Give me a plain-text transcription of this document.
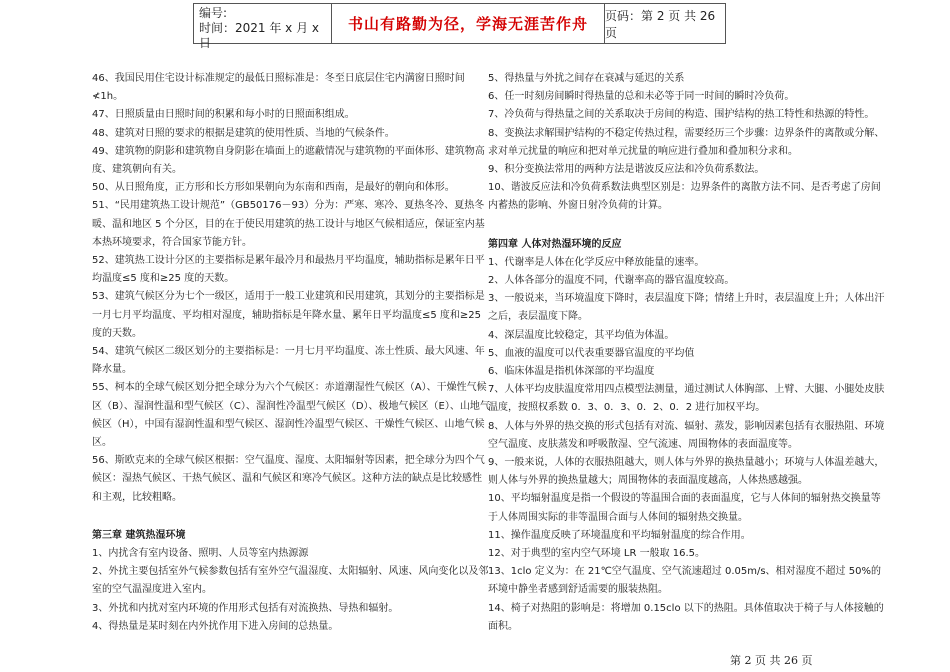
编号:
时间：2021 年 x 月 x 日
书山有路勤为径，学海无涯苦作舟	页码：第 2 页 共 26 页

46、我国民用住宅设计标准规定的最低日照标准是：冬至日底层住宅内满窗日照时间≮1h。

47、日照质量由日照时间的积累和每小时的日照面积组成。

48、建筑对日照的要求的根据是建筑的使用性质、当地的气候条件。

49、建筑物的阴影和建筑物自身阴影在墙面上的遮蔽情况与建筑物的平面体形、建筑物高度、建筑朝向有关。

50、从日照角度，正方形和长方形如果朝向为东南和西南，是最好的朝向和体形。

51、“民用建筑热工设计规范”（GB50176－93）分为：严寒、寒冷、夏热冬冷、夏热冬暖、温和地区 5 个分区，目的在于使民用建筑的热工设计与地区气候相适应，保证室内基本热环境要求，符合国家节能方针。

52、建筑热工设计分区的主要指标是累年最冷月和最热月平均温度，辅助指标是累年日平均温度≤5 度和≥25 度的天数。

53、建筑气候区分为七个一级区，适用于一般工业建筑和民用建筑，其划分的主要指标是一月七月平均温度、平均相对湿度，辅助指标是年降水量、累年日平均温度≤5 度和≥25 度的天数。

54、建筑气候区二级区划分的主要指标是：一月七月平均温度、冻土性质、最大风速、年降水量。

55、柯本的全球气候区划分把全球分为六个气候区：赤道潮湿性气候区（A）、干燥性气候区（B）、湿润性温和型气候区（C）、湿润性冷温型气候区（D）、极地气候区（E）、山地气候区（H），中国有湿润性温和型气候区、湿润性冷温型气候区、干燥性气候区、山地气候区。

56、斯欧克来的全球气候区根据：空气温度、湿度、太阳辐射等因素，把全球分为四个气候区：湿热气候区、干热气候区、温和气候区和寒冷气候区。这种方法的缺点是比较感性和主观，比较粗略。

第三章 建筑热湿环境

1、内扰含有室内设备、照明、人员等室内热源源

2、外扰主要包括室外气候参数包括有室外空气温湿度、太阳辐射、风速、风向变化以及邻室的空气温湿度进入室内。

3、外扰和内扰对室内环境的作用形式包括有对流换热、导热和辐射。

4、得热量是某时刻在内外扰作用下进入房间的总热量。

5、得热量与外扰之间存在衰减与延迟的关系

6、任一时刻房间瞬时得热量的总和未必等于同一时间的瞬时冷负荷。

7、冷负荷与得热量之间的关系取决于房间的构造、围护结构的热工特性和热源的特性。

8、变换法求解围护结构的不稳定传热过程，需要经历三个步骤：边界条件的离散或分解、求对单元扰量的响应和把对单元扰量的响应进行叠加和叠加积分求和。

9、积分变换法常用的两种方法是谐波反应法和冷负荷系数法。

10、谐波反应法和冷负荷系数法典型区别是：边界条件的离散方法不同、是否考虑了房间内蓄热的影响、外窗日射冷负荷的计算。

第四章 人体对热湿环境的反应

1、代谢率是人体在化学反应中释放能量的速率。

2、人体各部分的温度不同，代谢率高的器官温度较高。

3、一般说来，当环境温度下降时，表层温度下降；情绪上升时，表层温度上升；人体出汗之后，表层温度下降。

4、深层温度比较稳定，其平均值为体温。

5、血液的温度可以代表重要器官温度的平均值

6、临床体温是指机体深部的平均温度

7、人体平均皮肤温度常用四点模型法测量，通过测试人体胸部、上臂、大腿、小腿处皮肤温度，按照权系数 0．3、0．3、0．2、0．2 进行加权平均。

8、人体与外界的热交换的形式包括有对流、辐射、蒸发，影响因素包括有衣服热阻、环境空气温度、皮肤蒸发和呼吸散湿、空气流速、周围物体的表面温度等。

9、一般来说，人体的衣服热阻越大，则人体与外界的换热量越小；环境与人体温差越大，则人体与外界的换热量越大；周围物体的表面温度越高，人体热感越强。

10、平均辐射温度是指一个假设的等温围合面的表面温度，它与人体间的辐射热交换量等于人体周围实际的非等温围合面与人体间的辐射热交换量。

11、操作温度反映了环境温度和平均辐射温度的综合作用。

12、对于典型的室内空气环境 LR 一般取 16.5。

13、1clo 定义为：在 21℃空气温度、空气流速超过 0.05m/s、相对湿度不超过 50%的环境中静坐者感到舒适需要的服装热阻。

14、椅子对热阻的影响是：将增加 0.15clo 以下的热阻。具体值取决于椅子与人体接触的面积。

第 2 页 共 26 页
